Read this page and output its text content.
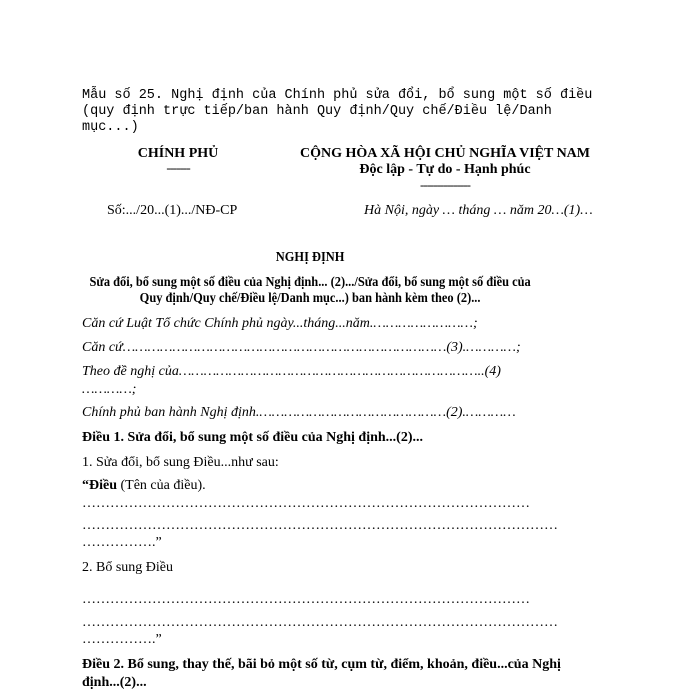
Mẫu số 25. Nghị định của Chính phủ sửa đổi, bổ sung một số điều
(quy định trực tiếp/ban hành Quy định/Quy chế/Điều lệ/Danh
mục...)
CHÍNH PHỦ
-------
CỘNG HÒA XÃ HỘI CHỦ NGHĨA VIỆT NAM
Độc lập - Tự do - Hạnh phúc
---------------
Số:.../20...(1).../NĐ-CP	Hà Nội, ngày … tháng … năm 20…(1)…
NGHỊ ĐỊNH
Sửa đổi, bổ sung một số điều của Nghị định... (2).../Sửa đổi, bổ sung một số điều của
Quy định/Quy chế/Điều lệ/Danh mục...) ban hành kèm theo (2)...
Căn cứ Luật Tổ chức Chính phủ ngày...tháng...năm.……………………;
Căn cứ……………………………………………………………………(3).…………;
Theo đề nghị của………………………………………………………………..(4)
…………;
Chính phủ ban hành Nghị định.………………………………………(2).…………
Điều 1. Sửa đổi, bổ sung một số điều của Nghị định...(2)...
1. Sửa đổi, bổ sung Điều...như sau:
“Điều (Tên của điều).
……………………………………………………………………………………
…………………………………………………………………………………………
…………….”
2. Bổ sung Điều
……………………………………………………………………………………
…………………………………………………………………………………………
…………….”
Điều 2. Bổ sung, thay thế, bãi bỏ một số từ, cụm từ, điểm, khoản, điều...của Nghị
định...(2)...
